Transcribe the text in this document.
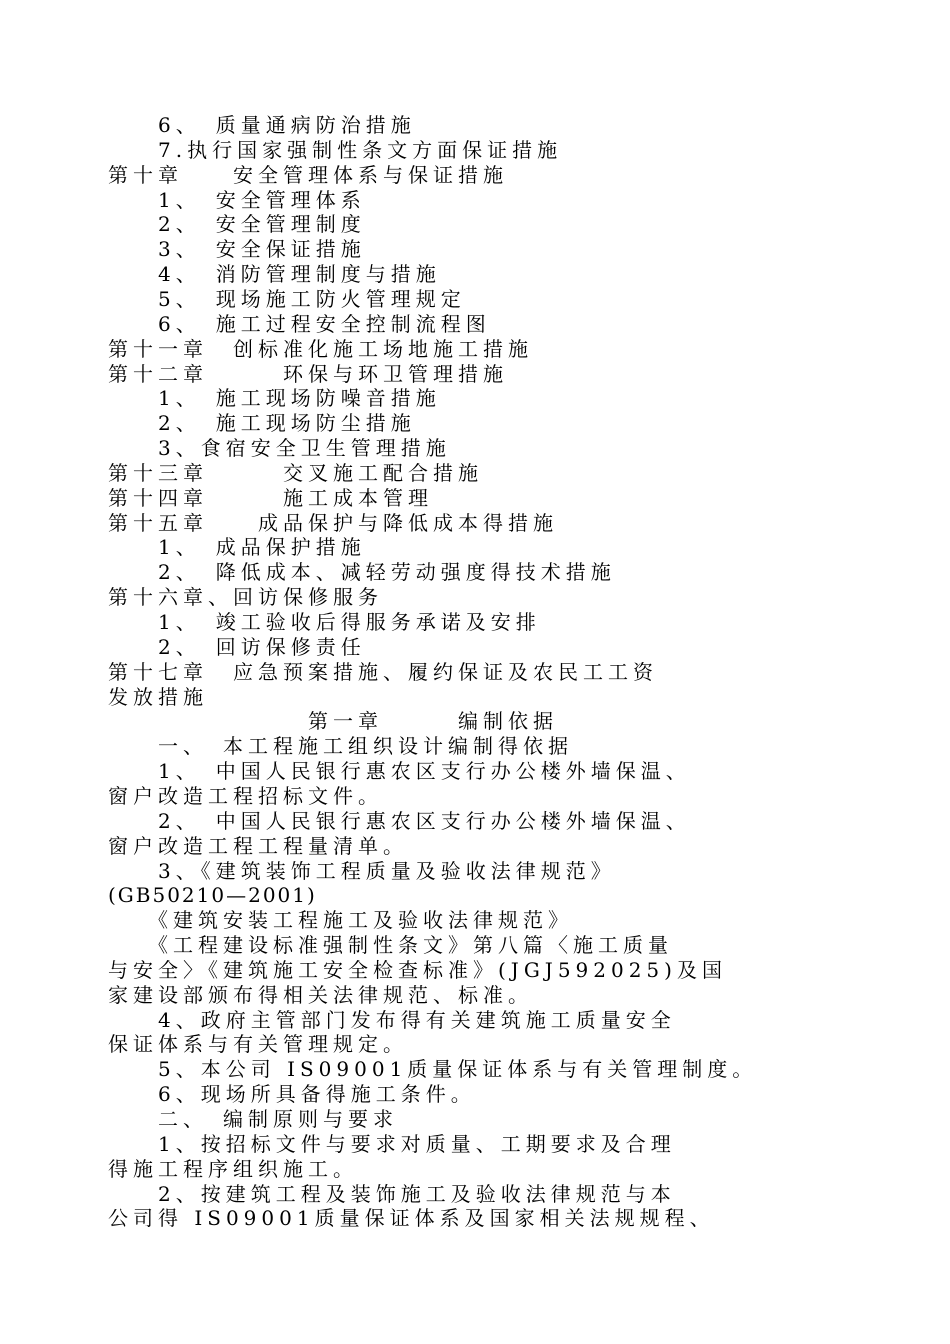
　　6、　质量通病防治措施
　　7.执行国家强制性条文方面保证措施
第十章　　安全管理体系与保证措施
　　1、　安全管理体系
　　2、　安全管理制度
　　3、　安全保证措施
　　4、　消防管理制度与措施
　　5、　现场施工防火管理规定
　　6、　施工过程安全控制流程图
第十一章　创标准化施工场地施工措施
第十二章　　　环保与环卫管理措施
　　1、　施工现场防噪音措施
　　2、　施工现场防尘措施
　　3、食宿安全卫生管理措施
第十三章　　　交叉施工配合措施
第十四章　　　施工成本管理
第十五章　　成品保护与降低成本得措施
　　1、　成品保护措施
　　2、　降低成本、减轻劳动强度得技术措施
第十六章、回访保修服务
　　1、　竣工验收后得服务承诺及安排
　　2、　回访保修责任
第十七章　应急预案措施、履约保证及农民工工资
发放措施
　　　　　　　　第一章　　　编制依据
　　一、　本工程施工组织设计编制得依据
　　1、　中国人民银行惠农区支行办公楼外墙保温、
窗户改造工程招标文件。
　　2、　中国人民银行惠农区支行办公楼外墙保温、
窗户改造工程工程量清单。
　　3、《建筑装饰工程质量及验收法律规范》
(GB50210—2001)
　　《建筑安装工程施工及验收法律规范》
　　《工程建设标准强制性条文》第八篇〈施工质量
与安全〉《建筑施工安全检查标准》(JGJ592025)及国
家建设部颁布得相关法律规范、标准。
　　4、政府主管部门发布得有关建筑施工质量安全
保证体系与有关管理规定。
　　5、本公司 IS09001质量保证体系与有关管理制度。
　　6、现场所具备得施工条件。
　　二、　编制原则与要求
　　1、按招标文件与要求对质量、工期要求及合理
得施工程序组织施工。
　　2、按建筑工程及装饰施工及验收法律规范与本
公司得 IS09001质量保证体系及国家相关法规规程、
